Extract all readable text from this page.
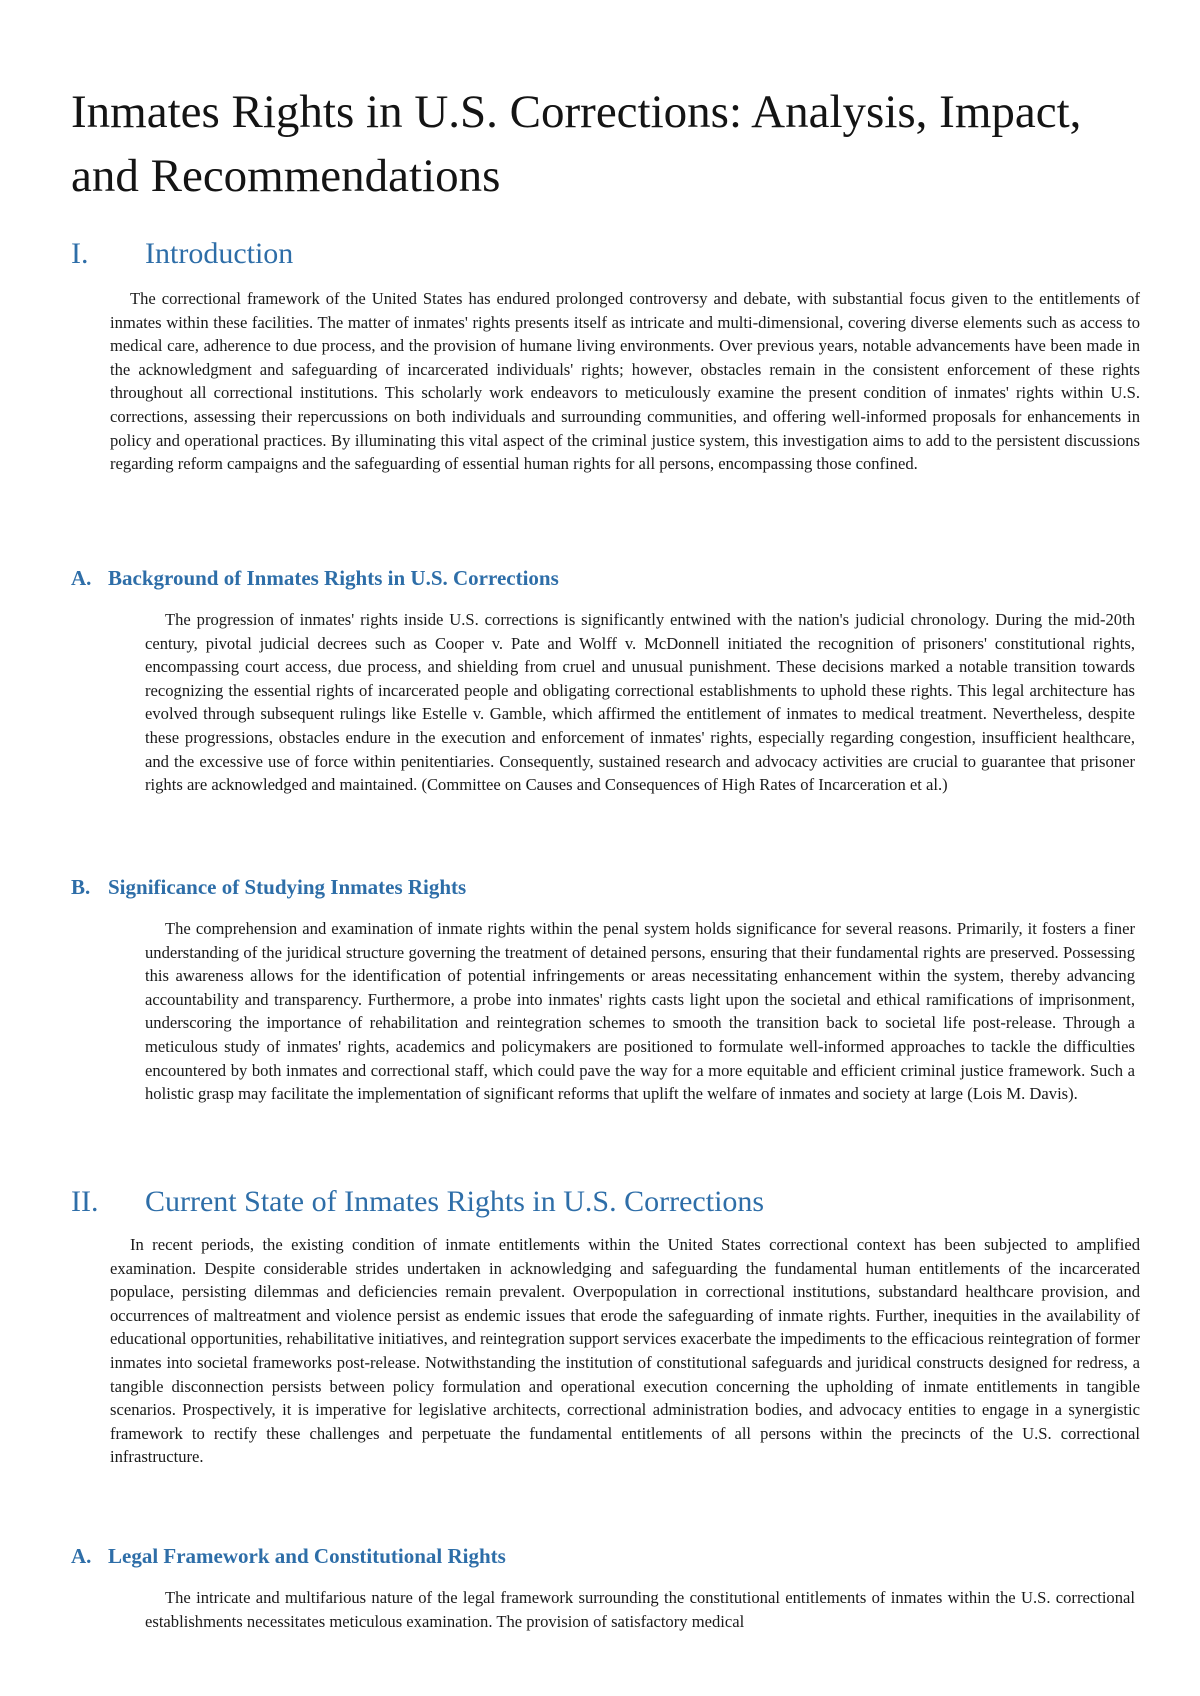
Inmates Rights in U.S. Corrections: Analysis, Impact, and Recommendations
I. Introduction

The correctional framework of the United States has endured prolonged controversy and debate, with substantial focus given to the entitlements of inmates within these facilities. The matter of inmates' rights presents itself as intricate and multi-dimensional, covering diverse elements such as access to medical care, adherence to due process, and the provision of humane living environments. Over previous years, notable advancements have been made in the acknowledgment and safeguarding of incarcerated individuals' rights; however, obstacles remain in the consistent enforcement of these rights throughout all correctional institutions. This scholarly work endeavors to meticulously examine the present condition of inmates' rights within U.S. corrections, assessing their repercussions on both individuals and surrounding communities, and offering well-informed proposals for enhancements in policy and operational practices. By illuminating this vital aspect of the criminal justice system, this investigation aims to add to the persistent discussions regarding reform campaigns and the safeguarding of essential human rights for all persons, encompassing those confined.

A. Background of Inmates Rights in U.S. Corrections

The progression of inmates' rights inside U.S. corrections is significantly entwined with the nation's judicial chronology. During the mid-20th century, pivotal judicial decrees such as Cooper v. Pate and Wolff v. McDonnell initiated the recognition of prisoners' constitutional rights, encompassing court access, due process, and shielding from cruel and unusual punishment. These decisions marked a notable transition towards recognizing the essential rights of incarcerated people and obligating correctional establishments to uphold these rights. This legal architecture has evolved through subsequent rulings like Estelle v. Gamble, which affirmed the entitlement of inmates to medical treatment. Nevertheless, despite these progressions, obstacles endure in the execution and enforcement of inmates' rights, especially regarding congestion, insufficient healthcare, and the excessive use of force within penitentiaries. Consequently, sustained research and advocacy activities are crucial to guarantee that prisoner rights are acknowledged and maintained. (Committee on Causes and Consequences of High Rates of Incarceration et al.)

B. Significance of Studying Inmates Rights

The comprehension and examination of inmate rights within the penal system holds significance for several reasons. Primarily, it fosters a finer understanding of the juridical structure governing the treatment of detained persons, ensuring that their fundamental rights are preserved. Possessing this awareness allows for the identification of potential infringements or areas necessitating enhancement within the system, thereby advancing accountability and transparency. Furthermore, a probe into inmates' rights casts light upon the societal and ethical ramifications of imprisonment, underscoring the importance of rehabilitation and reintegration schemes to smooth the transition back to societal life post-release. Through a meticulous study of inmates' rights, academics and policymakers are positioned to formulate well-informed approaches to tackle the difficulties encountered by both inmates and correctional staff, which could pave the way for a more equitable and efficient criminal justice framework. Such a holistic grasp may facilitate the implementation of significant reforms that uplift the welfare of inmates and society at large (Lois M. Davis).

II. Current State of Inmates Rights in U.S. Corrections

In recent periods, the existing condition of inmate entitlements within the United States correctional context has been subjected to amplified examination. Despite considerable strides undertaken in acknowledging and safeguarding the fundamental human entitlements of the incarcerated populace, persisting dilemmas and deficiencies remain prevalent. Overpopulation in correctional institutions, substandard healthcare provision, and occurrences of maltreatment and violence persist as endemic issues that erode the safeguarding of inmate rights. Further, inequities in the availability of educational opportunities, rehabilitative initiatives, and reintegration support services exacerbate the impediments to the efficacious reintegration of former inmates into societal frameworks post-release. Notwithstanding the institution of constitutional safeguards and juridical constructs designed for redress, a tangible disconnection persists between policy formulation and operational execution concerning the upholding of inmate entitlements in tangible scenarios. Prospectively, it is imperative for legislative architects, correctional administration bodies, and advocacy entities to engage in a synergistic framework to rectify these challenges and perpetuate the fundamental entitlements of all persons within the precincts of the U.S. correctional infrastructure.

A. Legal Framework and Constitutional Rights

The intricate and multifarious nature of the legal framework surrounding the constitutional entitlements of inmates within the U.S. correctional establishments necessitates meticulous examination. The provision of satisfactory medical
